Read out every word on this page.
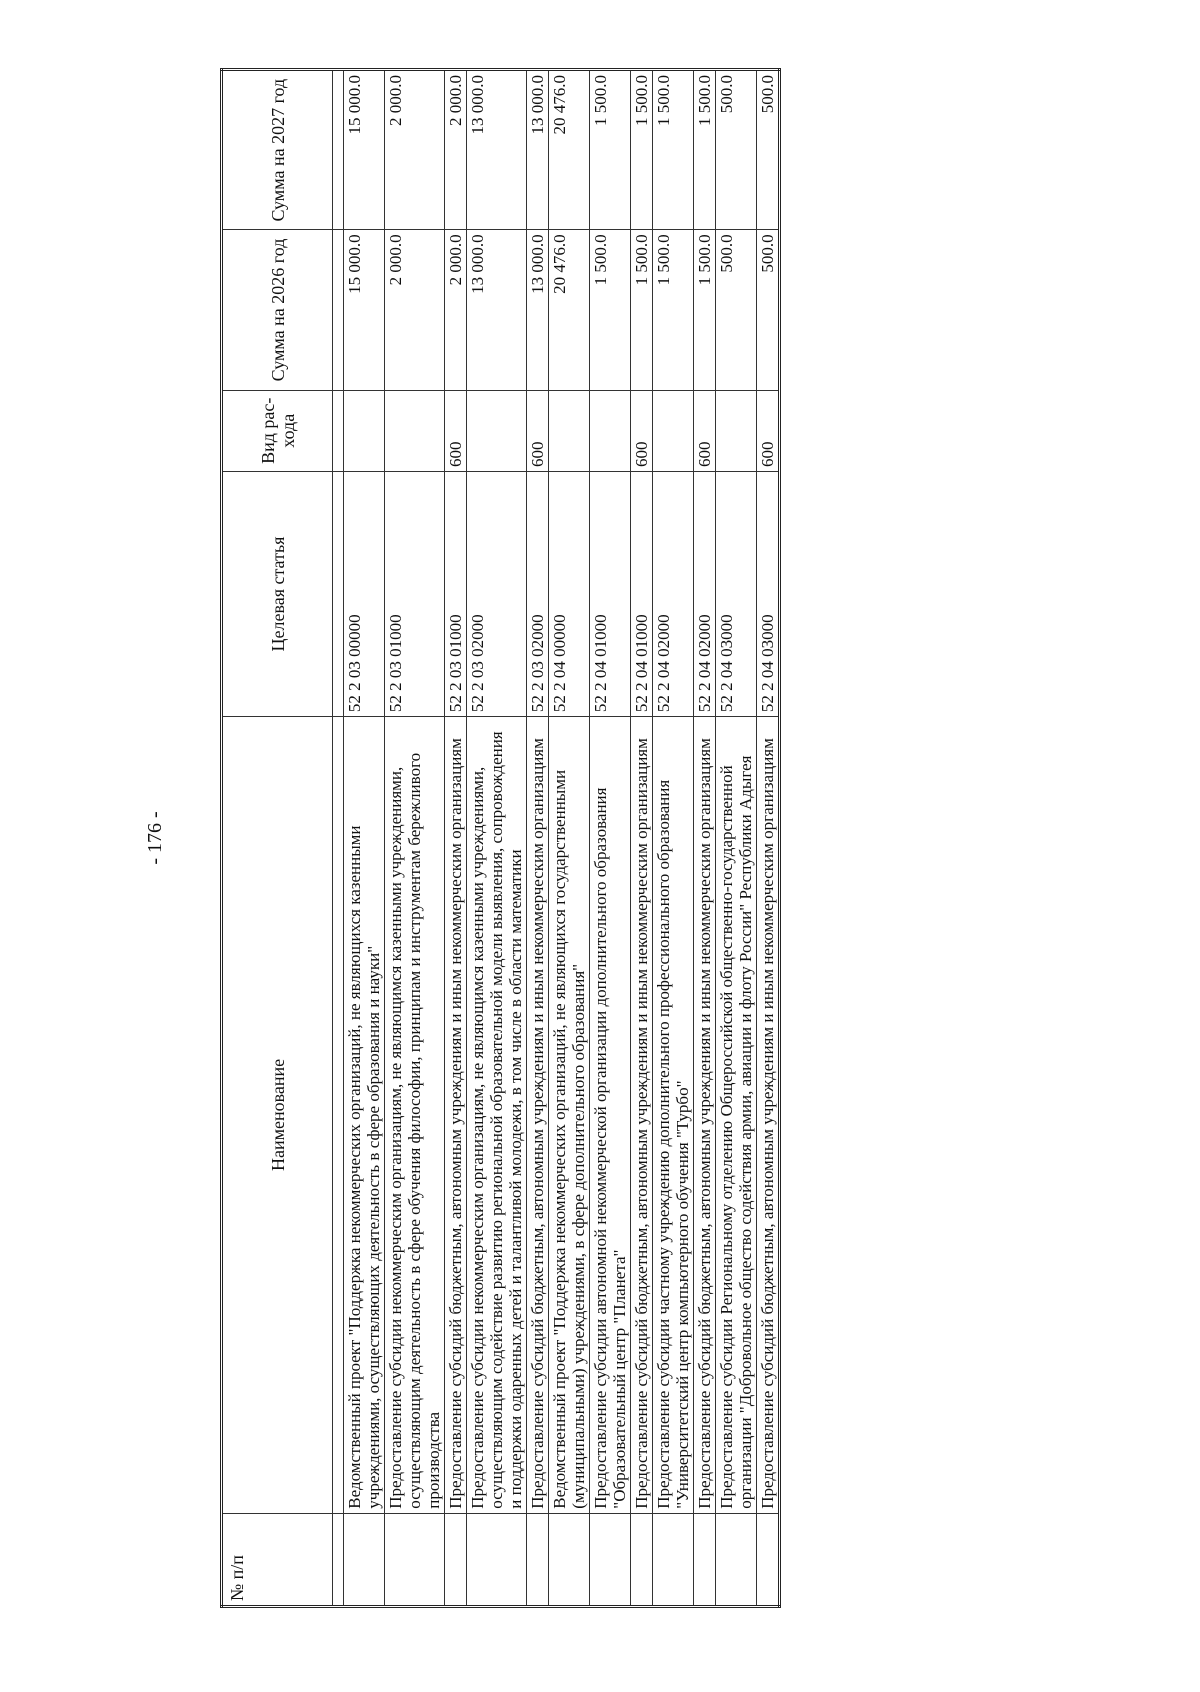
- 176 -
№ п/п	Наименование	Целевая статья	Вид рас-хода	Сумма на 2026 год	Сумма на 2027 год

	Ведомственный проект "Поддержка некоммерческих организаций, не являющихся казенными учреждениями, осуществляющих деятельность в сфере образования и науки"	52 2 03 00000		15 000.0	15 000.0
	Предоставление субсидии некоммерческим организациям, не являющимся казенными учреждениями, осуществляющим деятельность в сфере обучения философии, принципам и инструментам бережливого производства	52 2 03 01000		2 000.0	2 000.0
	Предоставление субсидий бюджетным, автономным учреждениям и иным некоммерческим организациям	52 2 03 01000	600	2 000.0	2 000.0
	Предоставление субсидии некоммерческим организациям, не являющимся казенными учреждениями, осуществляющим содействие развитию региональной образовательной модели выявления, сопровождения и поддержки одаренных детей и талантливой молодежи, в том числе в области математики	52 2 03 02000		13 000.0	13 000.0
	Предоставление субсидий бюджетным, автономным учреждениям и иным некоммерческим организациям	52 2 03 02000	600	13 000.0	13 000.0
	Ведомственный проект "Поддержка некоммерческих организаций, не являющихся государственными (муниципальными) учреждениями, в сфере дополнительного образования"	52 2 04 00000		20 476.0	20 476.0
	Предоставление субсидии автономной некоммерческой организации дополнительного образования "Образовательный центр "Планета"	52 2 04 01000		1 500.0	1 500.0
	Предоставление субсидий бюджетным, автономным учреждениям и иным некоммерческим организациям	52 2 04 01000	600	1 500.0	1 500.0
	Предоставление субсидии частному учреждению дополнительного профессионального образования "Университетский центр компьютерного обучения "Турбо"	52 2 04 02000		1 500.0	1 500.0
	Предоставление субсидий бюджетным, автономным учреждениям и иным некоммерческим организациям	52 2 04 02000	600	1 500.0	1 500.0
	Предоставление субсидии Региональному отделению Общероссийской общественно-государственной организации "Добровольное общество содействия армии, авиации и флоту России" Республики Адыгея	52 2 04 03000		500.0	500.0
	Предоставление субсидий бюджетным, автономным учреждениям и иным некоммерческим организациям	52 2 04 03000	600	500.0	500.0
